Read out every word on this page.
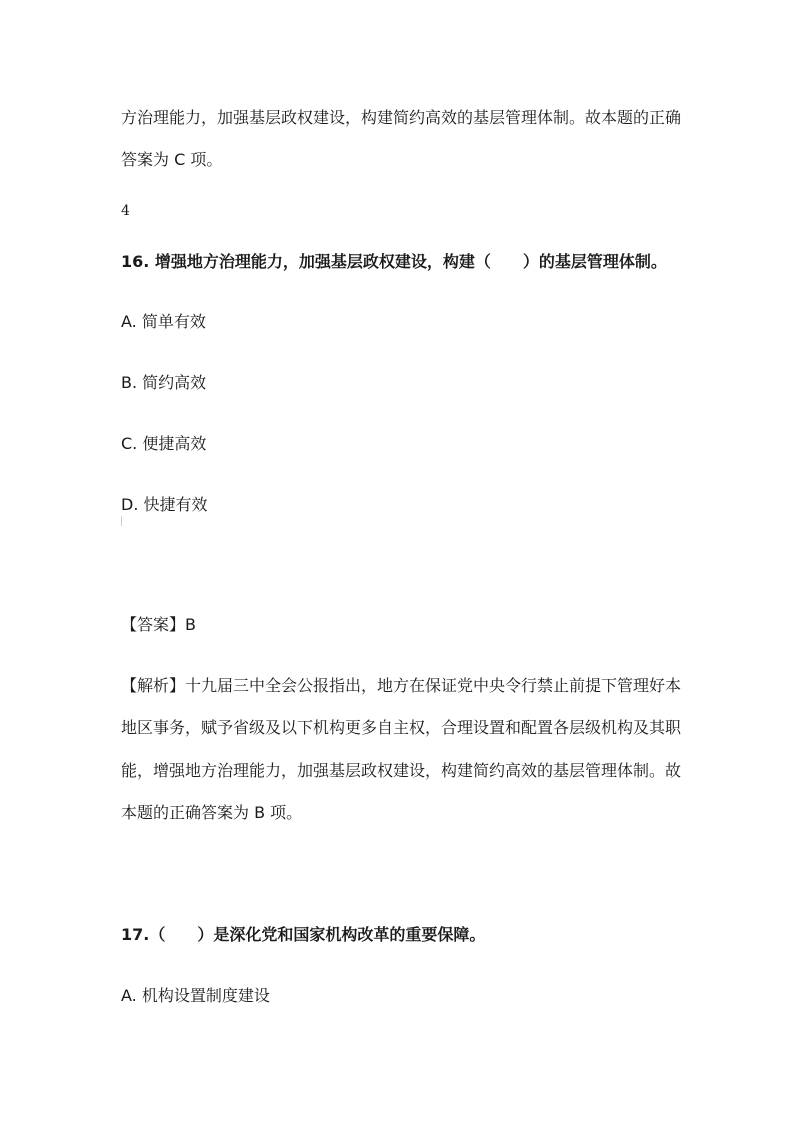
方治理能力，加强基层政权建设，构建简约高效的基层管理体制。故本题的正确
答案为 C 项。
4
16. 增强地方治理能力，加强基层政权建设，构建（　　）的基层管理体制。
A. 简单有效
B. 简约高效
C. 便捷高效
D. 快捷有效
【答案】B
【解析】十九届三中全会公报指出，地方在保证党中央令行禁止前提下管理好本
地区事务，赋予省级及以下机构更多自主权，合理设置和配置各层级机构及其职
能，增强地方治理能力，加强基层政权建设，构建简约高效的基层管理体制。故
本题的正确答案为 B 项。
17.（　　）是深化党和国家机构改革的重要保障。
A. 机构设置制度建设
